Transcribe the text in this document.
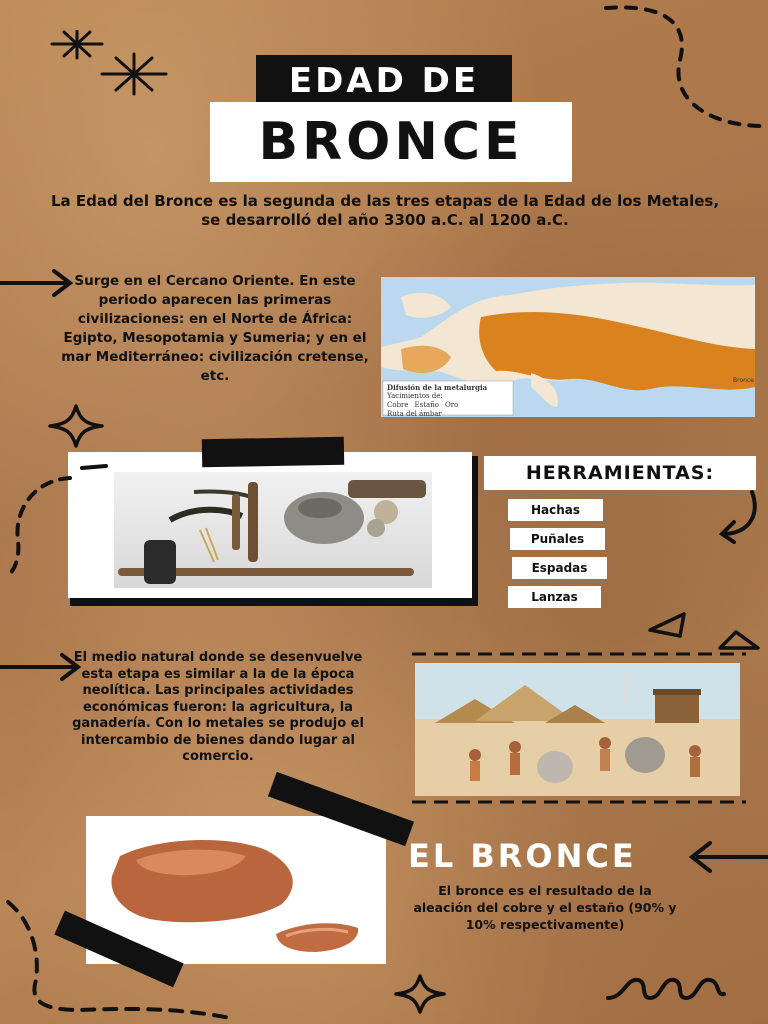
EDAD DE
BRONCE
La Edad del Bronce es la segunda de las tres etapas de la Edad de los Metales, se desarrolló del año 3300 a.C. al 1200 a.C.
Surge en el Cercano Oriente. En este periodo aparecen las primeras civilizaciones: en el Norte de África: Egipto, Mesopotamia y Sumeria; y en el mar Mediterráneo: civilización cretense, etc.
Difusión de la metalurgia
Yacimientos de:
Cobre Estaño Oro
Ruta del ámbar
Bronce
HERRAMIENTAS:
Hachas
Puñales
Espadas
Lanzas
El medio natural donde se desenvuelve esta etapa es similar a la de la época neolítica. Las principales actividades económicas fueron: la agricultura, la ganadería. Con lo metales se produjo el intercambio de bienes dando lugar al comercio.
EL BRONCE
El bronce es el resultado de la aleación del cobre y el estaño (90% y 10% respectivamente)
